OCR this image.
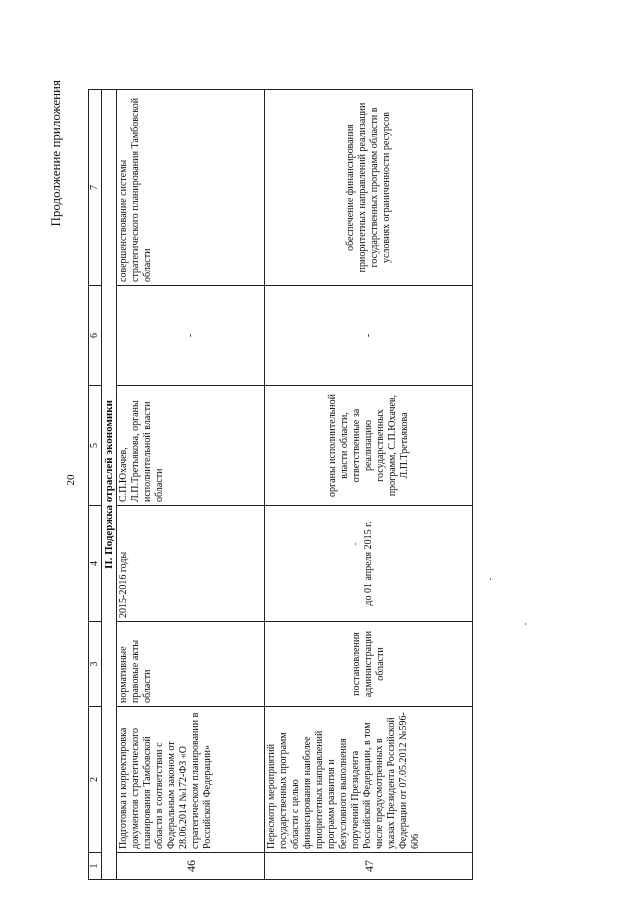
Продолжение приложения
20
1	2	3	4	5	6	7
II. Подержка отраслей экономики						
46	Подготовка и корректировка документов стратегического планирования Тамбовской области в соответствии с Федеральным законом от 28.06.2014 №172-ФЗ «О стратегическом планировании в Российской Федерации»	нормативные правовые акты области	2015-2016 годы	С.П.Юхачев, Л.П.Третьякова, органы исполнительной власти области	-	совершенствование системы стратегического планирования Тамбовской области
47	Пересмотр мероприятий государственных программ области с целью финансирования наиболее приоритетных направлений программ развития и безусловного выполнения поручений Президента Российской Федерации, в том числе предусмотренных в указах Президента Российской Федерации от 07.05.2012 №596-606	постановления администрации области	до 01 апреля 2015 г.	органы исполнительной власти области, ответственные за реализацию государственных программ, С.П.Юхачев, Л.П.Третьякова	-	обеспечение финансирования приоритетных направлений реализации государственных программ области в условиях ограниченности ресурсов
